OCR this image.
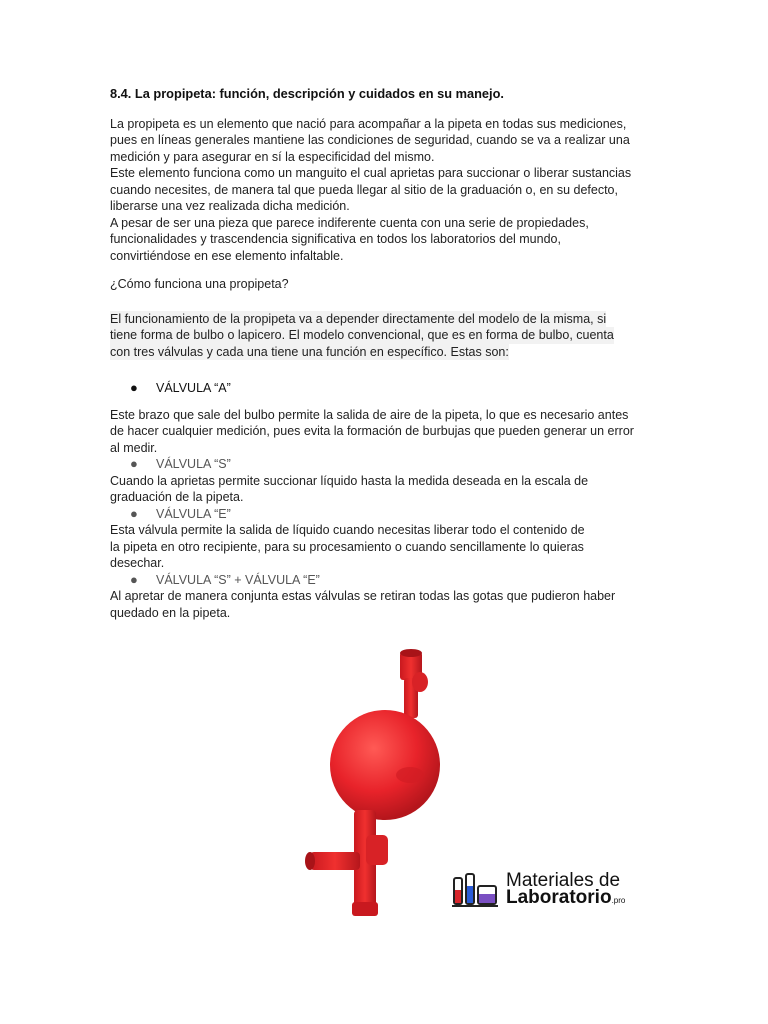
8.4. La propipeta: función, descripción y cuidados en su manejo.
La propipeta es un elemento que nació para acompañar a la pipeta en todas sus mediciones,
pues en líneas generales mantiene las condiciones de seguridad, cuando se va a realizar una
medición y para asegurar en sí la especificidad del mismo.
Este elemento funciona como un manguito el cual aprietas para succionar o liberar sustancias
cuando necesites, de manera tal que pueda llegar al sitio de la graduación o, en su defecto,
liberarse una vez realizada dicha medición.
A pesar de ser una pieza que parece indiferente cuenta con una serie de propiedades,
funcionalidades y trascendencia significativa en todos los laboratorios del mundo,
convirtiéndose en ese elemento infaltable.
¿Cómo funciona una propipeta?
El funcionamiento de la propipeta va a depender directamente del modelo de la misma, si tiene forma de bulbo o lapicero. El modelo convencional, que es en forma de bulbo, cuenta con tres válvulas y cada una tiene una función en específico. Estas son:
●	VÁLVULA “A”
Este brazo que sale del bulbo permite la salida de aire de la pipeta, lo que es necesario antes
de hacer cualquier medición, pues evita la formación de burbujas que pueden generar un error
al medir.
●	VÁLVULA “S”
Cuando la aprietas permite succionar líquido hasta la medida deseada en la escala de
graduación de la pipeta.
●	VÁLVULA “E”
Esta válvula permite la salida de líquido cuando necesitas liberar todo el contenido de
la pipeta en otro recipiente, para su procesamiento o cuando sencillamente lo quieras
desechar.
●	VÁLVULA “S” + VÁLVULA “E”
Al apretar de manera conjunta estas válvulas se retiran todas las gotas que pudieron haber
quedado en la pipeta.
Materiales de
Laboratorio.pro
